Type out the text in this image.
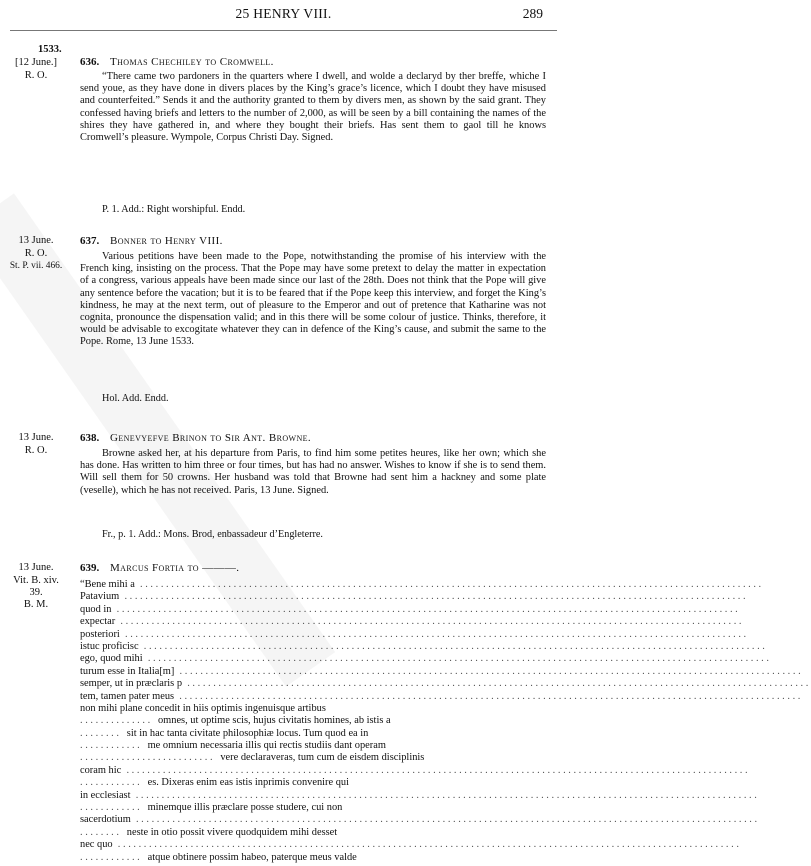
25 HENRY VIII.	289
1533.
[12 June.]
R. O.
636. Thomas Chechiley to Cromwell.

“There came two pardoners in the quarters where I dwell, and wolde a declaryd by ther breffe, whiche I send youe, as they have done in divers places by the King’s grace’s licence, which I doubt they have misused and counterfeited.” Sends it and the authority granted to them by divers men, as shown by the said grant. They confessed having briefs and letters to the number of 2,000, as will be seen by a bill containing the names of the shires they have gathered in, and where they bought their briefs. Has sent them to gaol till he knows Cromwell’s pleasure. Wympole, Corpus Christi Day. Signed.

P. 1. Add.: Right worshipful. Endd.
13 June.
R. O.
St. P. vii. 466.
637. Bonner to Henry VIII.

Various petitions have been made to the Pope, notwithstanding the promise of his interview with the French king, insisting on the process. That the Pope may have some pretext to delay the matter in expectation of a congress, various appeals have been made since our last of the 28th. Does not think that the Pope will give any sentence before the vacation; but it is to be feared that if the Pope keep this interview, and forget the King’s kindness, he may at the next term, out of pleasure to the Emperor and out of pretence that Katharine was not cognita, pronounce the dispensation valid; and in this there will be some colour of justice. Thinks, therefore, it would be advisable to excogitate whatever they can in defence of the King’s cause, and submit the same to the Pope. Rome, 13 June 1533.

Hol. Add. Endd.
13 June.
R. O.
638. Genevyefve Brinon to Sir Ant. Browne.

Browne asked her, at his departure from Paris, to find him some petites heures, like her own; which she has done. Has written to him three or four times, but has had no answer. Wishes to know if she is to send them. Will sell them for 50 crowns. Her husband was told that Browne had sent him a hackney and some plate (veselle), which he has not received. Paris, 13 June. Signed.

Fr., p. 1. Add.: Mons. Brod, enbassadeur d’Engleterre.
13 June.
Vit. B. xiv.
39.
B. M.
639. Marcus Fortia to ———.
“Bene mihi a ........................................................................................................................
Patavium ........................................................................................................................
quod in ........................................................................................................................
expectar ........................................................................................................................
posteriori ........................................................................................................................
istuc proficisc ........................................................................................................................
ego, quod mihi ........................................................................................................................
turum esse in Italia[m] ........................................................................................................................
semper, ut in præclaris p ........................................................................................................................
tem, tamen pater meus ........................................................................................................................
non mihi plane concedit in hiis optimis ingenuisque artibus
.............. omnes, ut optime scis, hujus civitatis homines, ab istis a
........ sit in hac tanta civitate philosophiæ locus. Tum quod ea in
............ me omnium necessaria illis qui rectis studiis dant operam
.......................... vere declaraveras, tum cum de eisdem disciplinis
coram hic ........................................................................................................................
............ es. Dixeras enim eas istis inprimis convenire qui
in ecclesiast ........................................................................................................................
............ minemque illis præclare posse studere, cui non
sacerdotium ........................................................................................................................
........ neste in otio possit vivere quodquidem mihi desset
nec quo ........................................................................................................................
............ atque obtinere possim habeo, paterque meus valde
